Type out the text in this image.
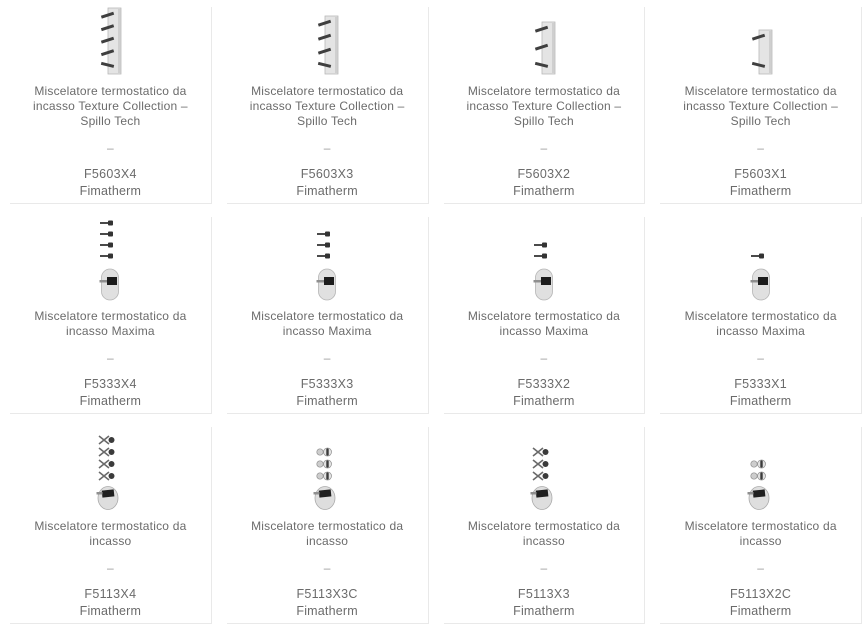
Miscelatore termostatico da incasso Texture Collection – Spillo Tech
–
F5603X4
Fimatherm
Miscelatore termostatico da incasso Texture Collection – Spillo Tech
–
F5603X3
Fimatherm
Miscelatore termostatico da incasso Texture Collection – Spillo Tech
–
F5603X2
Fimatherm
Miscelatore termostatico da incasso Texture Collection – Spillo Tech
–
F5603X1
Fimatherm
Miscelatore termostatico da incasso Maxima
–
F5333X4
Fimatherm
Miscelatore termostatico da incasso Maxima
–
F5333X3
Fimatherm
Miscelatore termostatico da incasso Maxima
–
F5333X2
Fimatherm
Miscelatore termostatico da incasso Maxima
–
F5333X1
Fimatherm
Miscelatore termostatico da incasso
–
F5113X4
Fimatherm
Miscelatore termostatico da incasso
–
F5113X3C
Fimatherm
Miscelatore termostatico da incasso
–
F5113X3
Fimatherm
Miscelatore termostatico da incasso
–
F5113X2C
Fimatherm
